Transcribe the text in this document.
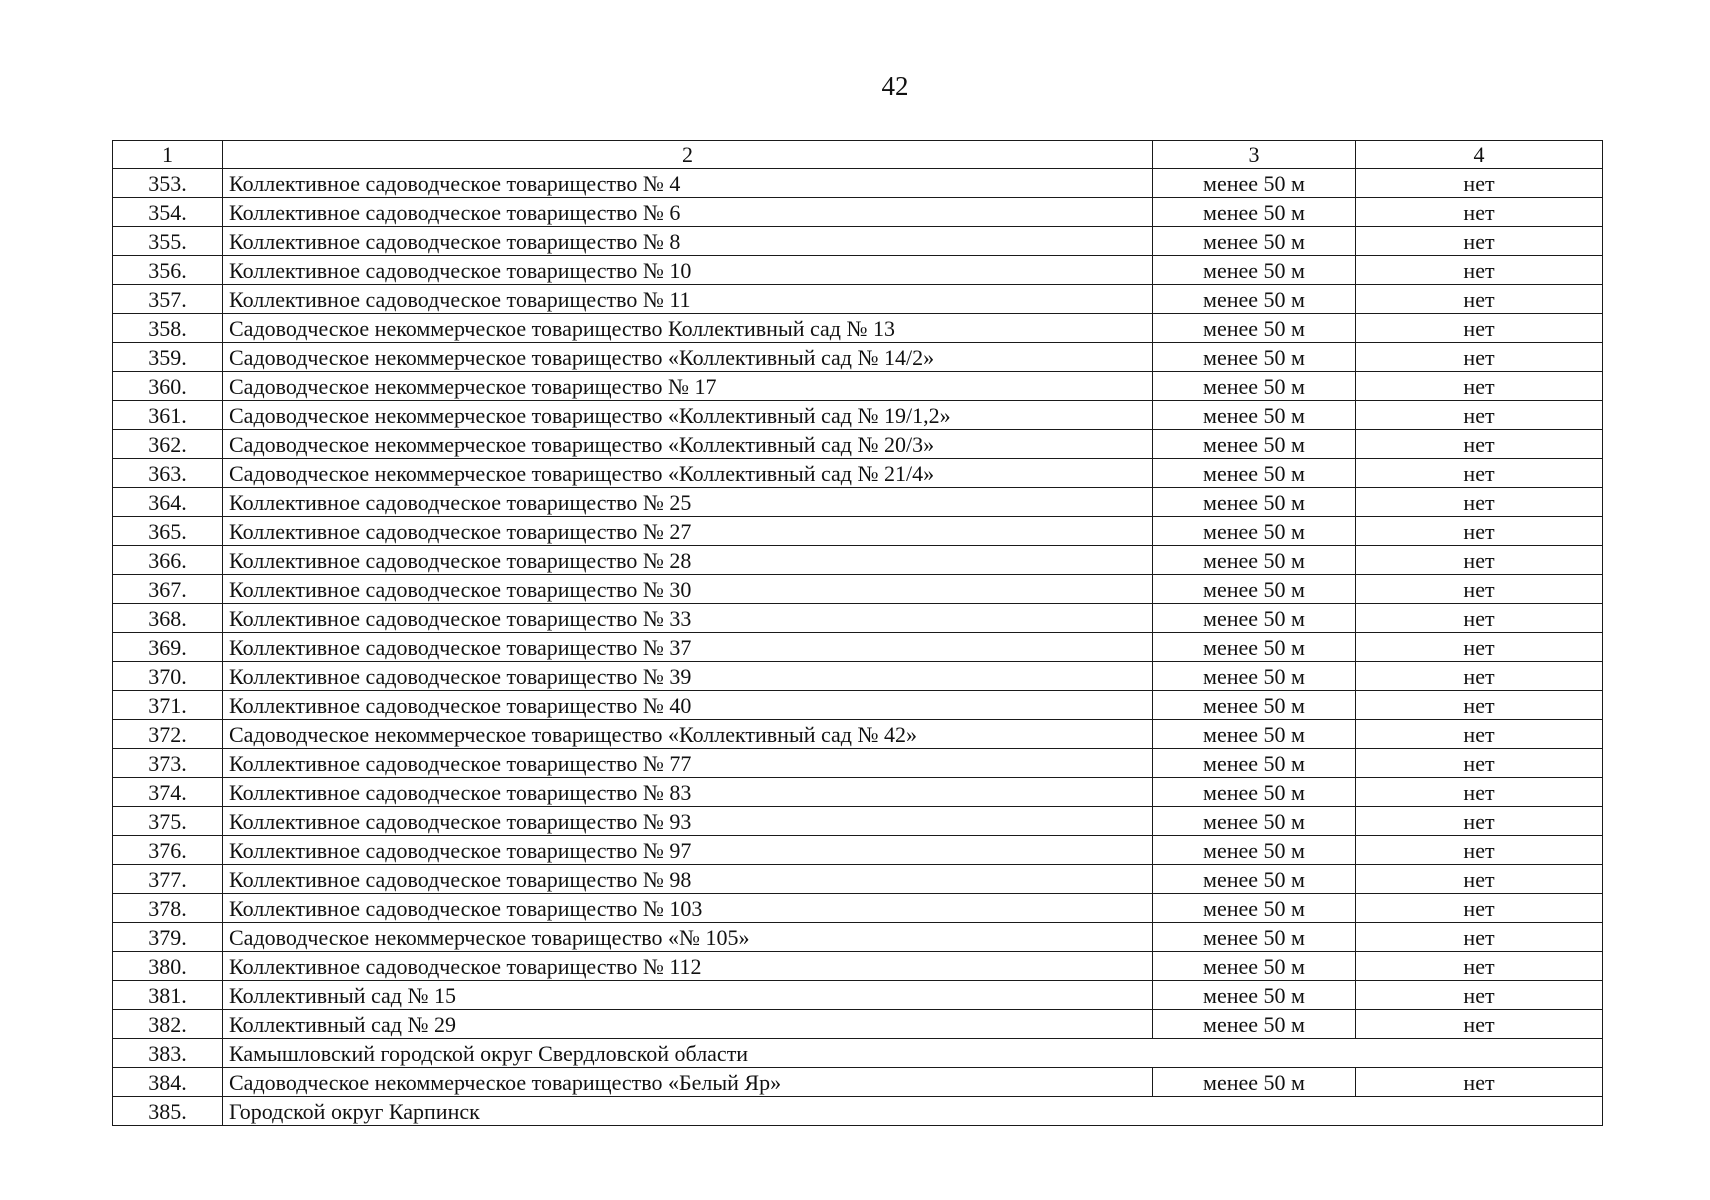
42
1	2	3	4
353.	Коллективное садоводческое товарищество № 4	менее 50 м	нет
354.	Коллективное садоводческое товарищество № 6	менее 50 м	нет
355.	Коллективное садоводческое товарищество № 8	менее 50 м	нет
356.	Коллективное садоводческое товарищество № 10	менее 50 м	нет
357.	Коллективное садоводческое товарищество № 11	менее 50 м	нет
358.	Садоводческое некоммерческое товарищество Коллективный сад № 13	менее 50 м	нет
359.	Садоводческое некоммерческое товарищество «Коллективный сад № 14/2»	менее 50 м	нет
360.	Садоводческое некоммерческое товарищество № 17	менее 50 м	нет
361.	Садоводческое некоммерческое товарищество «Коллективный сад № 19/1,2»	менее 50 м	нет
362.	Садоводческое некоммерческое товарищество «Коллективный сад № 20/3»	менее 50 м	нет
363.	Садоводческое некоммерческое товарищество «Коллективный сад № 21/4»	менее 50 м	нет
364.	Коллективное садоводческое товарищество № 25	менее 50 м	нет
365.	Коллективное садоводческое товарищество № 27	менее 50 м	нет
366.	Коллективное садоводческое товарищество № 28	менее 50 м	нет
367.	Коллективное садоводческое товарищество № 30	менее 50 м	нет
368.	Коллективное садоводческое товарищество № 33	менее 50 м	нет
369.	Коллективное садоводческое товарищество № 37	менее 50 м	нет
370.	Коллективное садоводческое товарищество № 39	менее 50 м	нет
371.	Коллективное садоводческое товарищество № 40	менее 50 м	нет
372.	Садоводческое некоммерческое товарищество «Коллективный сад № 42»	менее 50 м	нет
373.	Коллективное садоводческое товарищество № 77	менее 50 м	нет
374.	Коллективное садоводческое товарищество № 83	менее 50 м	нет
375.	Коллективное садоводческое товарищество № 93	менее 50 м	нет
376.	Коллективное садоводческое товарищество № 97	менее 50 м	нет
377.	Коллективное садоводческое товарищество № 98	менее 50 м	нет
378.	Коллективное садоводческое товарищество № 103	менее 50 м	нет
379.	Садоводческое некоммерческое товарищество «№ 105»	менее 50 м	нет
380.	Коллективное садоводческое товарищество № 112	менее 50 м	нет
381.	Коллективный сад № 15	менее 50 м	нет
382.	Коллективный сад № 29	менее 50 м	нет
383.	Камышловский городской округ Свердловской области		
384.	Садоводческое некоммерческое товарищество «Белый Яр»	менее 50 м	нет
385.	Городской округ Карпинск		
